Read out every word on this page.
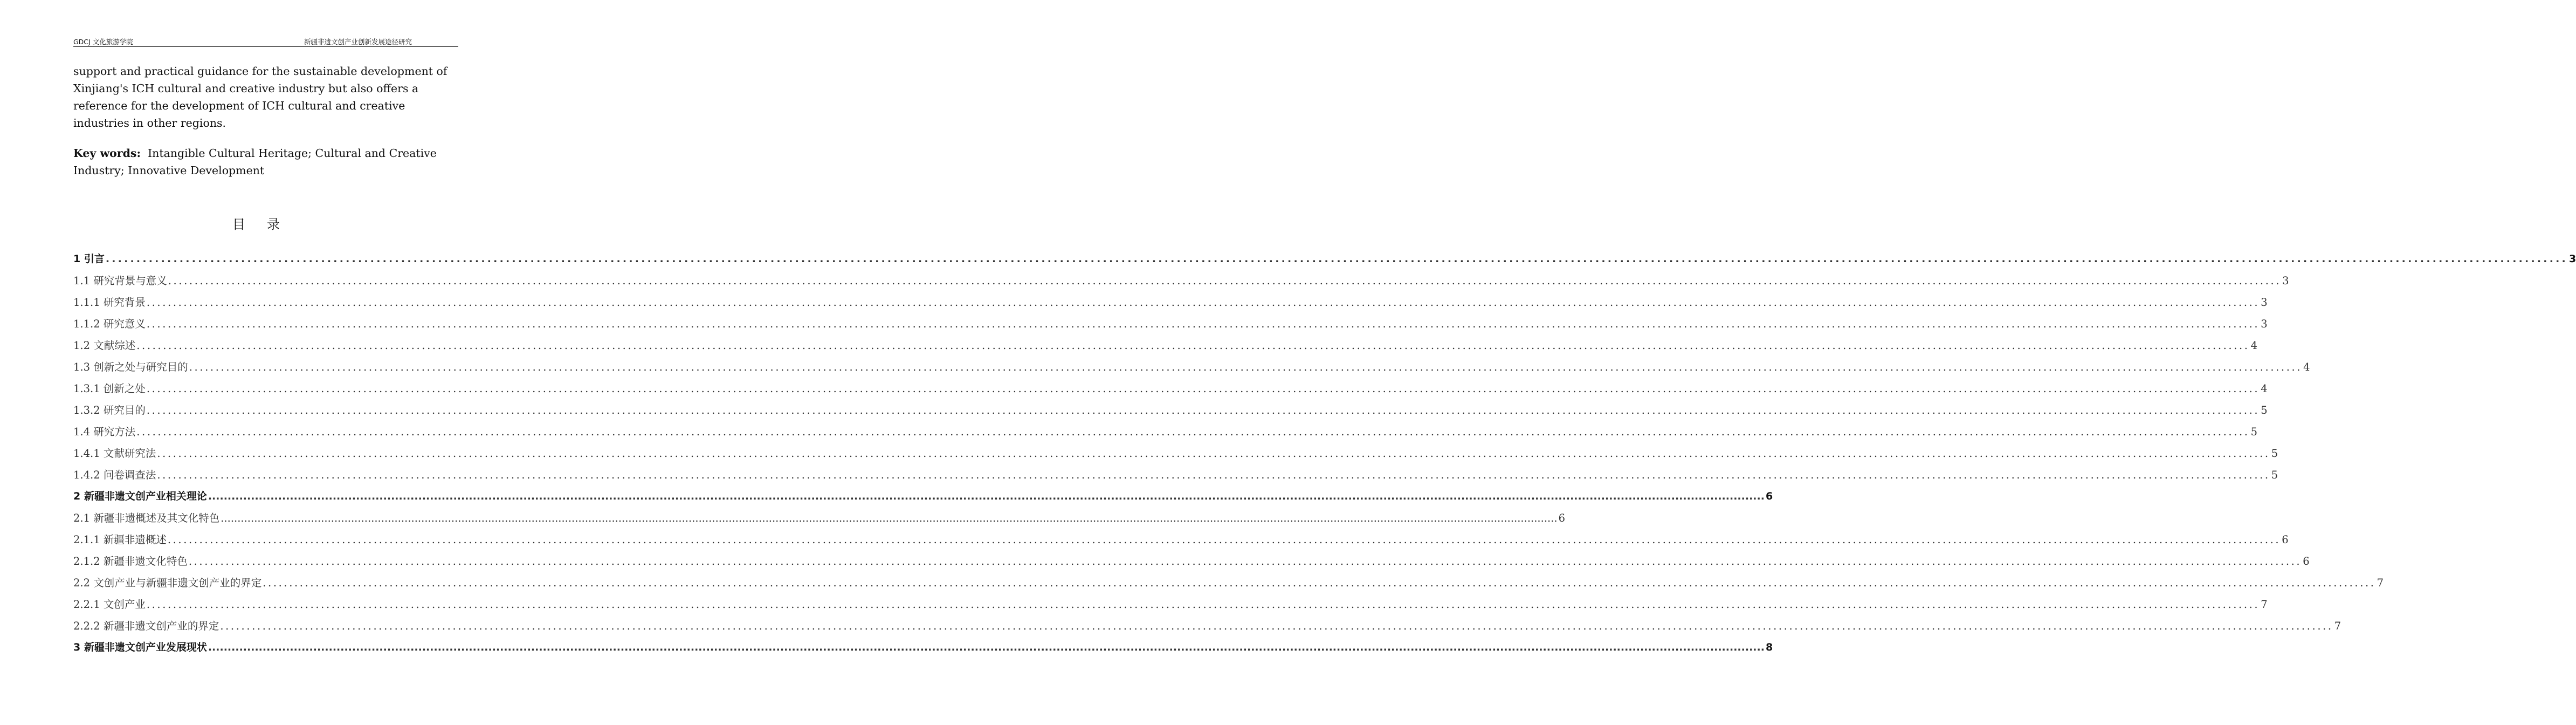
GDCJ 文化旅游学院	新疆非遗文创产业创新发展途径研究
support and practical guidance for the sustainable development of
Xinjiang's ICH cultural and creative industry but also offers a
reference for the development of ICH cultural and creative
industries in other regions.
Key words: Intangible Cultural Heritage; Cultural and Creative
Industry; Innovative Development
目录
1 引言 ................................................................................................................................................................................................................................................................................................................................................................................................................ 3
1.1 研究背景与意义 ................................................................................................................................................................................................................................................................................................................................................................................................................ 3
1.1.1 研究背景 ................................................................................................................................................................................................................................................................................................................................................................................................................ 3
1.1.2 研究意义 ................................................................................................................................................................................................................................................................................................................................................................................................................ 3
1.2 文献综述 ................................................................................................................................................................................................................................................................................................................................................................................................................ 4
1.3 创新之处与研究目的 ................................................................................................................................................................................................................................................................................................................................................................................................................ 4
1.3.1 创新之处 ................................................................................................................................................................................................................................................................................................................................................................................................................ 4
1.3.2 研究目的 ................................................................................................................................................................................................................................................................................................................................................................................................................ 5
1.4 研究方法 ................................................................................................................................................................................................................................................................................................................................................................................................................ 5
1.4.1 文献研究法 ................................................................................................................................................................................................................................................................................................................................................................................................................ 5
1.4.2 问卷调查法 ................................................................................................................................................................................................................................................................................................................................................................................................................ 5
2 新疆非遗文创产业相关理论 ................................................................................................................................................................................................................................................................................................................................................................................................................ 6
2.1 新疆非遗概述及其文化特色 ................................................................................................................................................................................................................................................................................................................................................................................................................ 6
2.1.1 新疆非遗概述 ................................................................................................................................................................................................................................................................................................................................................................................................................ 6
2.1.2 新疆非遗文化特色 ................................................................................................................................................................................................................................................................................................................................................................................................................ 6
2.2 文创产业与新疆非遗文创产业的界定 ................................................................................................................................................................................................................................................................................................................................................................................................................ 7
2.2.1 文创产业 ................................................................................................................................................................................................................................................................................................................................................................................................................ 7
2.2.2 新疆非遗文创产业的界定 ................................................................................................................................................................................................................................................................................................................................................................................................................ 7
3 新疆非遗文创产业发展现状 ................................................................................................................................................................................................................................................................................................................................................................................................................ 8
